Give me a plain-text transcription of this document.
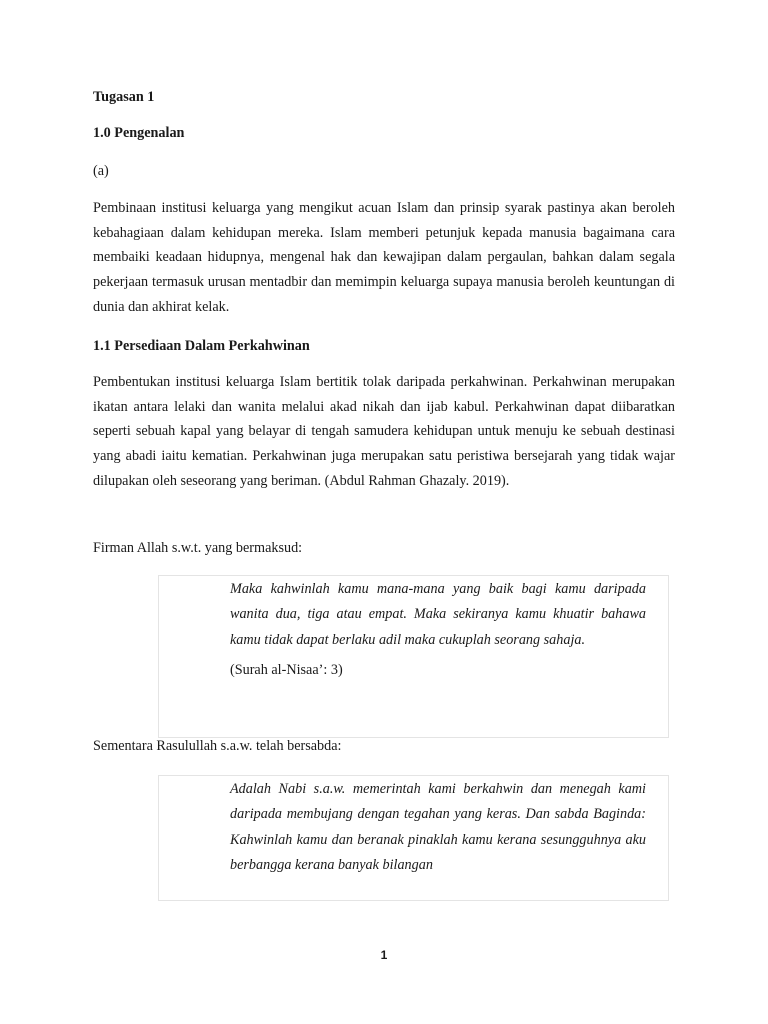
Tugasan 1

1.0 Pengenalan

(a)

Pembinaan institusi keluarga yang mengikut acuan Islam dan prinsip syarak pastinya akan beroleh kebahagiaan dalam kehidupan mereka. Islam memberi petunjuk kepada manusia bagaimana cara membaiki keadaan hidupnya, mengenal hak dan kewajipan dalam pergaulan, bahkan dalam segala pekerjaan termasuk urusan mentadbir dan memimpin keluarga supaya manusia beroleh keuntungan di dunia dan akhirat kelak.

1.1 Persediaan Dalam Perkahwinan

Pembentukan institusi keluarga Islam bertitik tolak daripada perkahwinan. Perkahwinan merupakan ikatan antara lelaki dan wanita melalui akad nikah dan ijab kabul. Perkahwinan dapat diibaratkan seperti sebuah kapal yang belayar di tengah samudera kehidupan untuk menuju ke sebuah destinasi yang abadi iaitu kematian. Perkahwinan juga merupakan satu peristiwa bersejarah yang tidak wajar dilupakan oleh seseorang yang beriman. (Abdul Rahman Ghazaly. 2019).

Firman Allah s.w.t. yang bermaksud:

Maka kahwinlah kamu mana-mana yang baik bagi kamu daripada wanita dua, tiga atau empat. Maka sekiranya kamu khuatir bahawa kamu tidak dapat berlaku adil maka cukuplah seorang sahaja.

(Surah al-Nisaa’: 3)

Sementara Rasulullah s.a.w. telah bersabda:

Adalah Nabi s.a.w. memerintah kami berkahwin dan menegah kami daripada membujang dengan tegahan yang keras. Dan sabda Baginda: Kahwinlah kamu dan beranak pinaklah kamu kerana sesungguhnya aku berbangga kerana banyak bilangan

1
